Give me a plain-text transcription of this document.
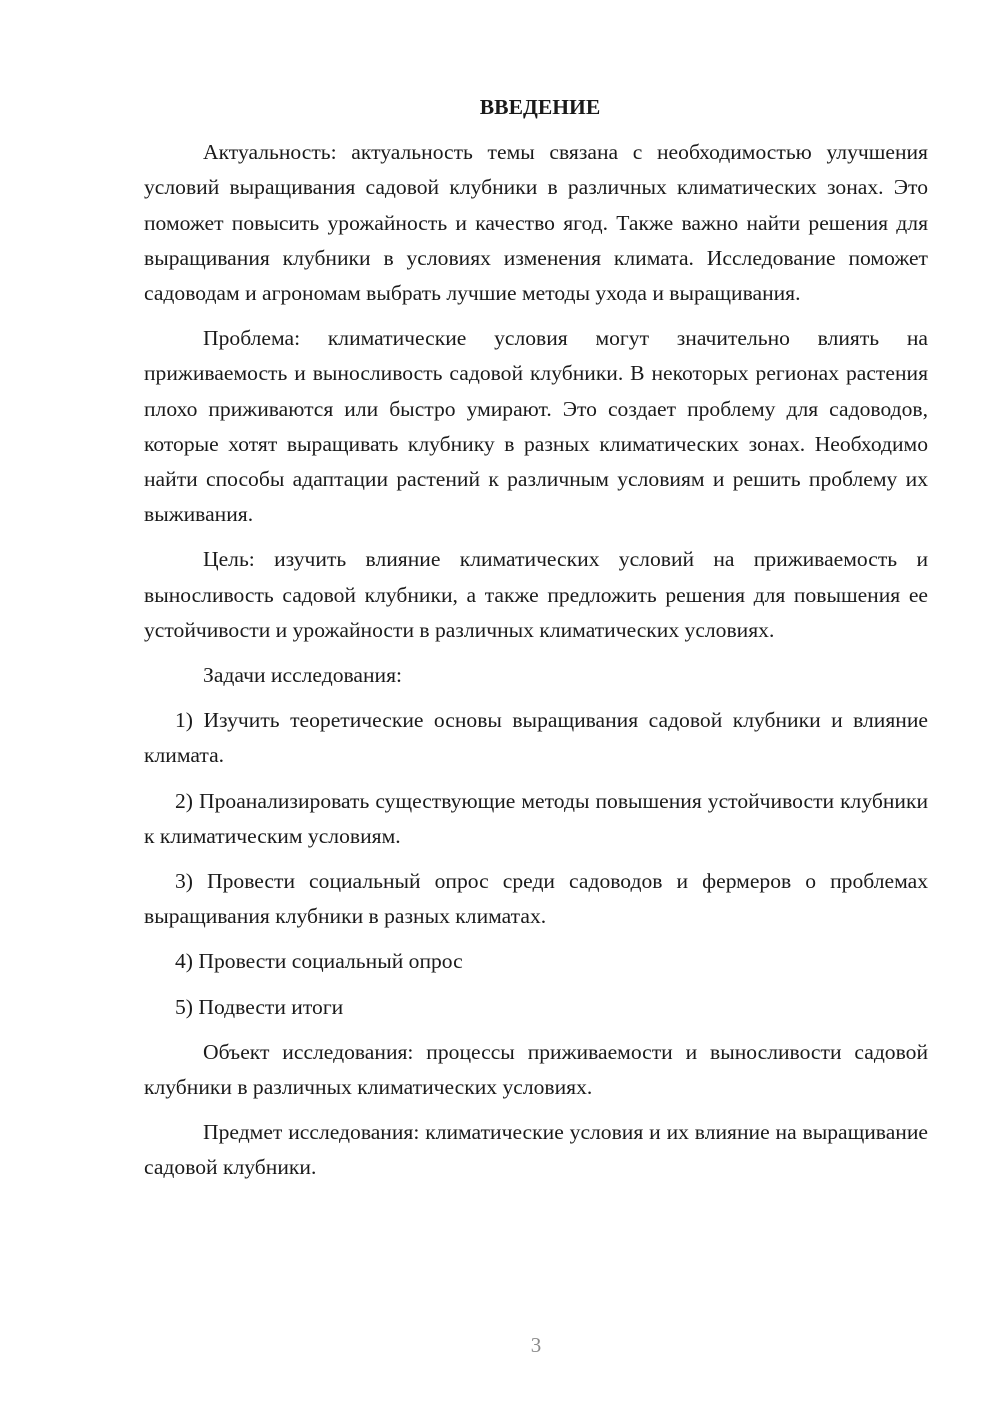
ВВЕДЕНИЕ

Актуальность: актуальность темы связана с необходимостью улучшения условий выращивания садовой клубники в различных климатических зонах. Это поможет повысить урожайность и качество ягод. Также важно найти решения для выращивания клубники в условиях изменения климата. Исследование поможет садоводам и агрономам выбрать лучшие методы ухода и выращивания.

Проблема: климатические условия могут значительно влиять на приживаемость и выносливость садовой клубники. В некоторых регионах растения плохо приживаются или быстро умирают. Это создает проблему для садоводов, которые хотят выращивать клубнику в разных климатических зонах. Необходимо найти способы адаптации растений к различным условиям и решить проблему их выживания.

Цель: изучить влияние климатических условий на приживаемость и выносливость садовой клубники, а также предложить решения для повышения ее устойчивости и урожайности в различных климатических условиях.

Задачи исследования:

1) Изучить теоретические основы выращивания садовой клубники и влияние климата.

2) Проанализировать существующие методы повышения устойчивости клубники к климатическим условиям.

3) Провести социальный опрос среди садоводов и фермеров о проблемах выращивания клубники в разных климатах.

4) Провести социальный опрос

5) Подвести итоги

Объект исследования: процессы приживаемости и выносливости садовой клубники в различных климатических условиях.

Предмет исследования: климатические условия и их влияние на выращивание садовой клубники.

3
